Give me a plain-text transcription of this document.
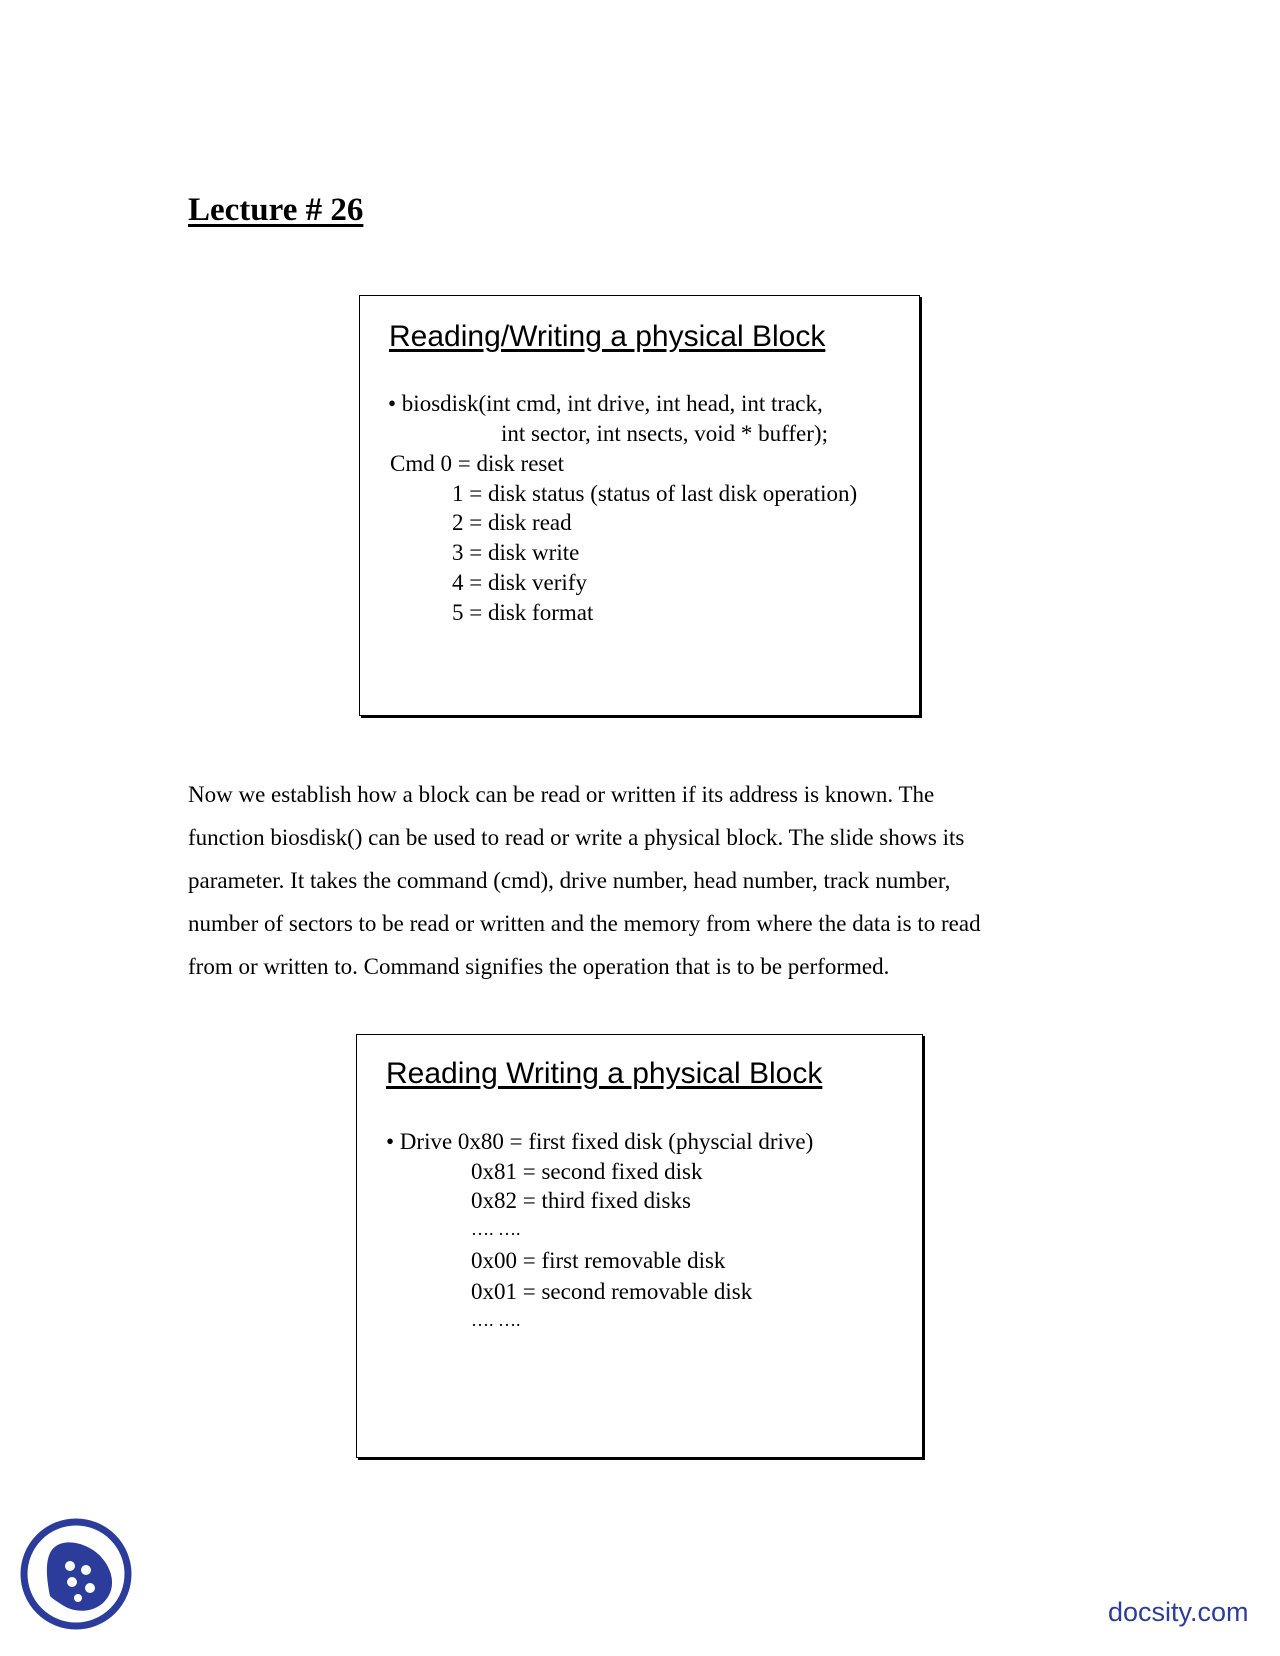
Lecture # 26
Reading/Writing a physical Block
• biosdisk(int cmd, int drive, int head, int track,
int sector, int nsects, void * buffer);
Cmd 0 = disk reset
1 = disk status (status of last disk operation)
2 = disk read
3 = disk write
4 = disk verify
5 = disk format
Now we establish how a block can be read or written if its address is known. The
function biosdisk() can be used to read or write a physical block. The slide shows its
parameter. It takes the command (cmd), drive number, head number, track number,
number of sectors to be read or written and the memory from where the data is to read
from or written to. Command signifies the operation that is to be performed.
Reading Writing a physical Block
• Drive 0x80 = first fixed disk (physcial drive)
0x81 = second fixed disk
0x82 = third fixed disks
…. ….
0x00 = first removable disk
0x01 = second removable disk
…. ….
docsity.com
